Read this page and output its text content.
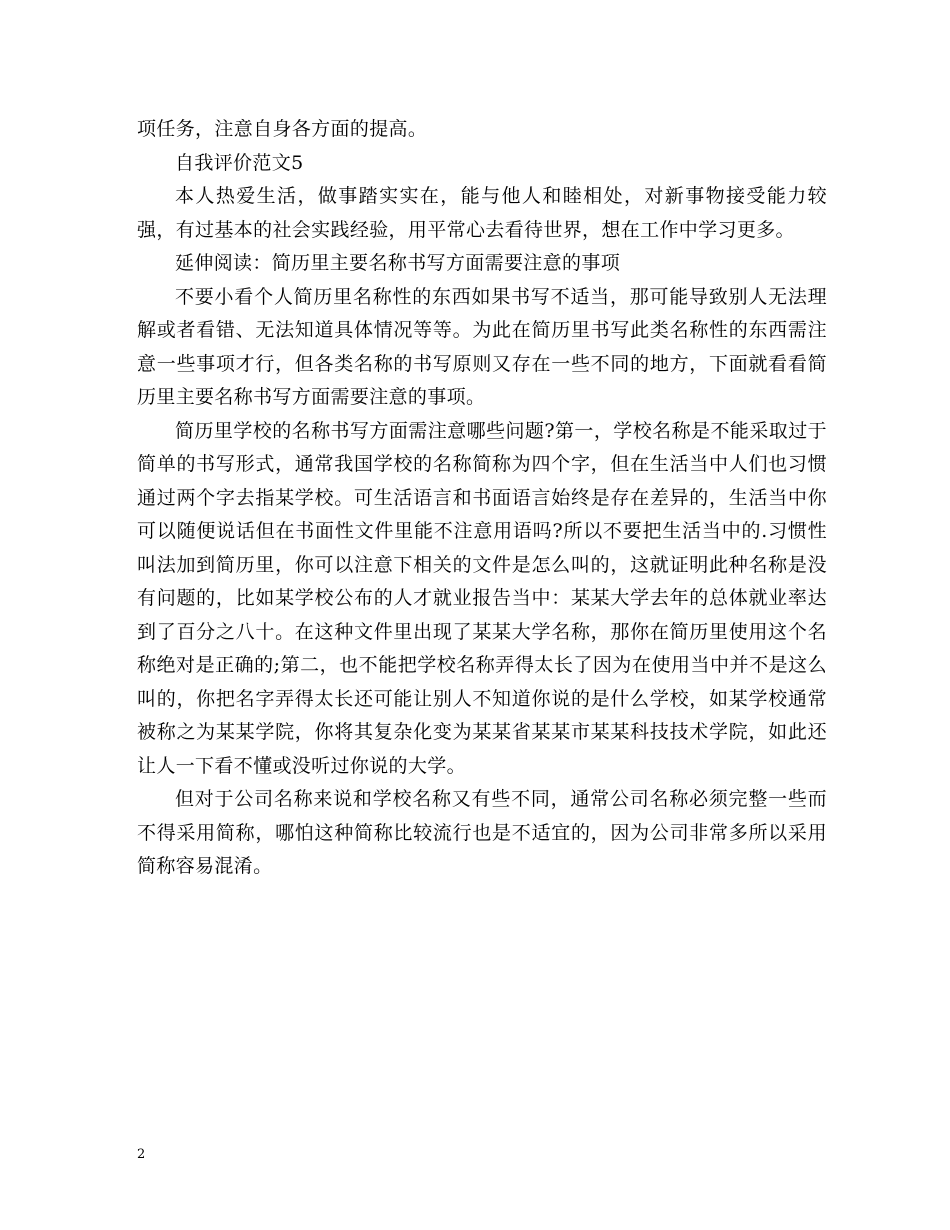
项任务，注意自身各方面的提高。

自我评价范文5

本人热爱生活，做事踏实实在，能与他人和睦相处，对新事物接受能力较强，有过基本的社会实践经验，用平常心去看待世界，想在工作中学习更多。

延伸阅读：简历里主要名称书写方面需要注意的事项

不要小看个人简历里名称性的东西如果书写不适当，那可能导致别人无法理解或者看错、无法知道具体情况等等。为此在简历里书写此类名称性的东西需注意一些事项才行，但各类名称的书写原则又存在一些不同的地方，下面就看看简历里主要名称书写方面需要注意的事项。

简历里学校的名称书写方面需注意哪些问题?第一，学校名称是不能采取过于简单的书写形式，通常我国学校的名称简称为四个字，但在生活当中人们也习惯通过两个字去指某学校。可生活语言和书面语言始终是存在差异的，生活当中你可以随便说话但在书面性文件里能不注意用语吗?所以不要把生活当中的.习惯性叫法加到简历里，你可以注意下相关的文件是怎么叫的，这就证明此种名称是没有问题的，比如某学校公布的人才就业报告当中：某某大学去年的总体就业率达到了百分之八十。在这种文件里出现了某某大学名称，那你在简历里使用这个名称绝对是正确的;第二，也不能把学校名称弄得太长了因为在使用当中并不是这么叫的，你把名字弄得太长还可能让别人不知道你说的是什么学校，如某学校通常被称之为某某学院，你将其复杂化变为某某省某某市某某科技技术学院，如此还让人一下看不懂或没听过你说的大学。

但对于公司名称来说和学校名称又有些不同，通常公司名称必须完整一些而不得采用简称，哪怕这种简称比较流行也是不适宜的，因为公司非常多所以采用简称容易混淆。

2
